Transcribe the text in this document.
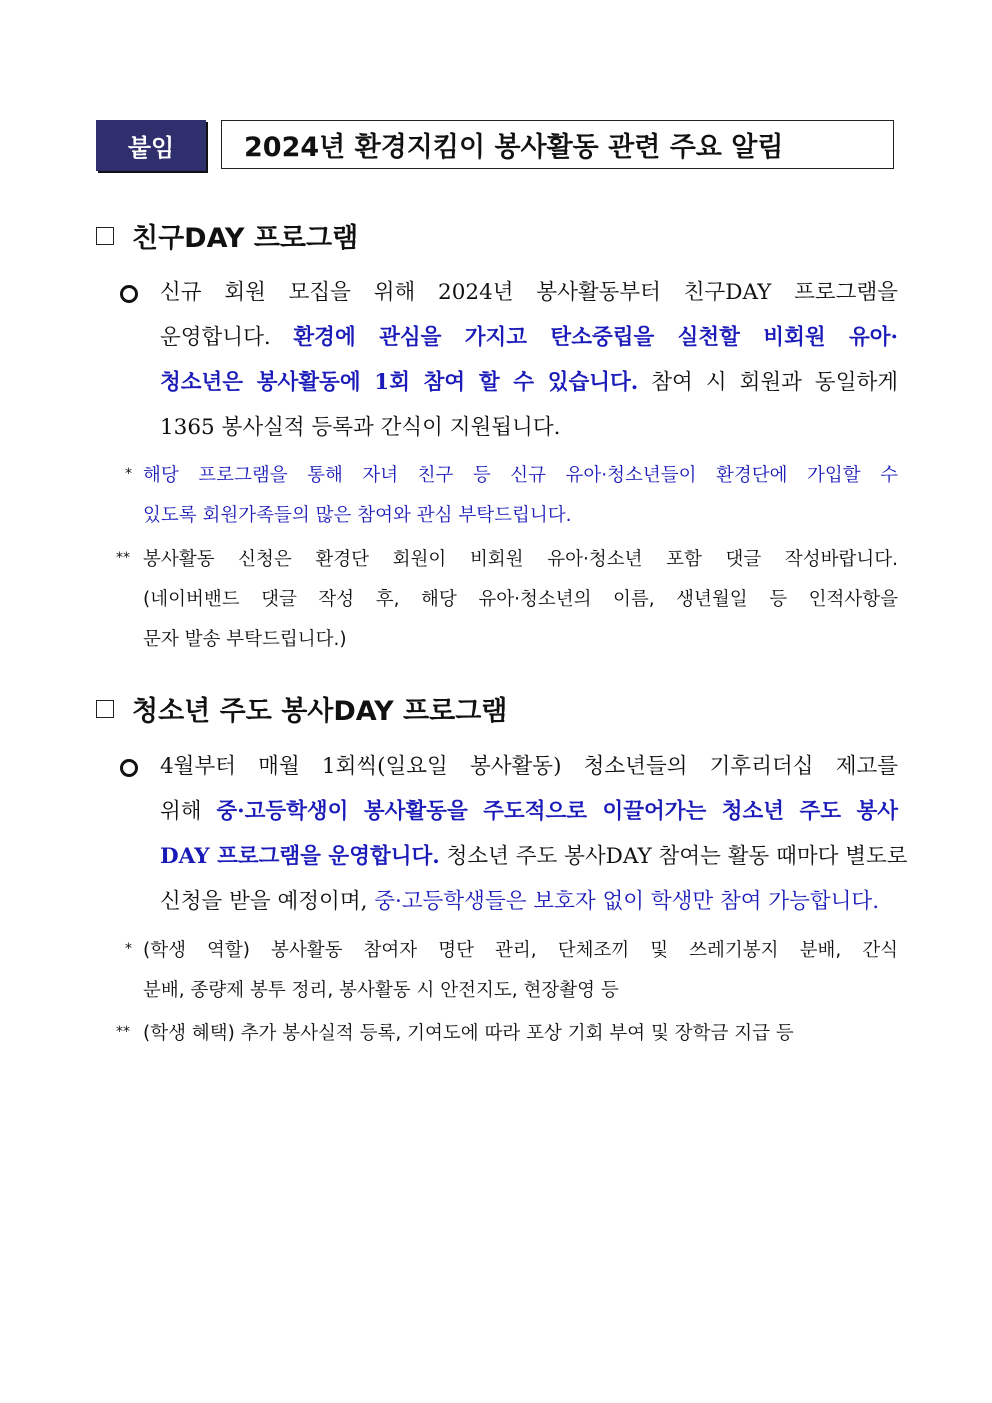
붙임	2024년 환경지킴이 봉사활동 관련 주요 알림
친구DAY 프로그램
신규 회원 모집을 위해 2024년 봉사활동부터 친구DAY 프로그램을
운영합니다. 환경에 관심을 가지고 탄소중립을 실천할 비회원 유아·
청소년은 봉사활동에 1회 참여 할 수 있습니다. 참여 시 회원과 동일하게
1365 봉사실적 등록과 간식이 지원됩니다.
* 해당 프로그램을 통해 자녀 친구 등 신규 유아·청소년들이 환경단에 가입할 수
있도록 회원가족들의 많은 참여와 관심 부탁드립니다.
** 봉사활동 신청은 환경단 회원이 비회원 유아·청소년 포함 댓글 작성바랍니다.
(네이버밴드 댓글 작성 후, 해당 유아·청소년의 이름, 생년월일 등 인적사항을
문자 발송 부탁드립니다.)
청소년 주도 봉사DAY 프로그램
4월부터 매월 1회씩(일요일 봉사활동) 청소년들의 기후리더십 제고를
위해 중·고등학생이 봉사활동을 주도적으로 이끌어가는 청소년 주도 봉사
DAY 프로그램을 운영합니다. 청소년 주도 봉사DAY 참여는 활동 때마다 별도로
신청을 받을 예정이며, 중·고등학생들은 보호자 없이 학생만 참여 가능합니다.
* (학생 역할) 봉사활동 참여자 명단 관리, 단체조끼 및 쓰레기봉지 분배, 간식
분배, 종량제 봉투 정리, 봉사활동 시 안전지도, 현장촬영 등
** (학생 혜택) 추가 봉사실적 등록, 기여도에 따라 포상 기회 부여 및 장학금 지급 등
